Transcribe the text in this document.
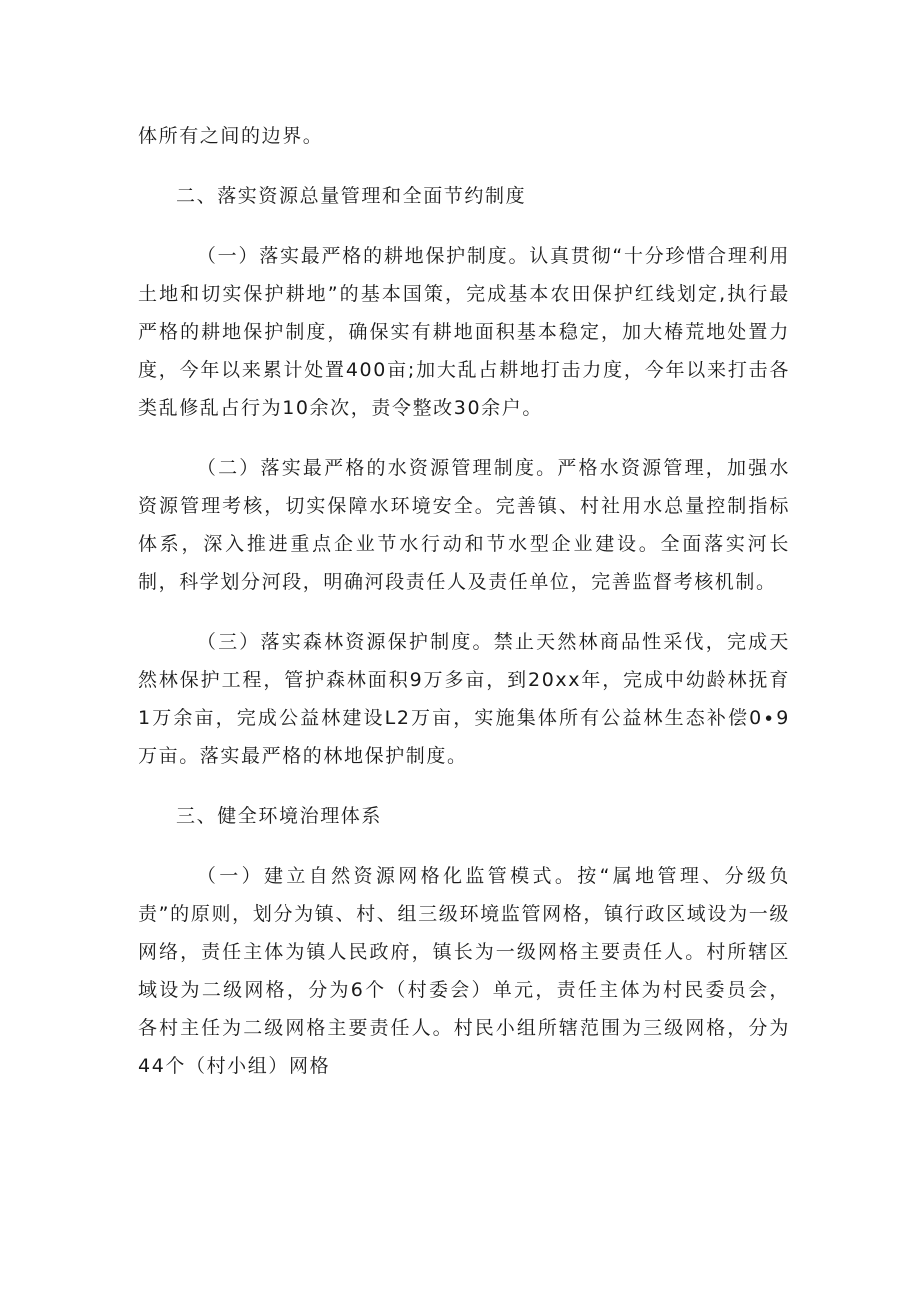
体所有之间的边界。

二、落实资源总量管理和全面节约制度

（一）落实最严格的耕地保护制度。认真贯彻“十分珍惜合理利用土地和切实保护耕地”的基本国策，完成基本农田保护红线划定,执行最严格的耕地保护制度，确保实有耕地面积基本稳定，加大椿荒地处置力度，今年以来累计处置400亩;加大乱占耕地打击力度，今年以来打击各类乱修乱占行为10余次，责令整改30余户。

（二）落实最严格的水资源管理制度。严格水资源管理，加强水资源管理考核，切实保障水环境安全。完善镇、村社用水总量控制指标体系，深入推进重点企业节水行动和节水型企业建设。全面落实河长制，科学划分河段，明确河段责任人及责任单位，完善监督考核机制。

（三）落实森林资源保护制度。禁止天然林商品性采伐，完成天然林保护工程，管护森林面积9万多亩，到20xx年，完成中幼龄林抚育1万余亩，完成公益林建设L2万亩，实施集体所有公益林生态补偿0∙9万亩。落实最严格的林地保护制度。

三、健全环境治理体系

（一）建立自然资源网格化监管模式。按“属地管理、分级负责”的原则，划分为镇、村、组三级环境监管网格，镇行政区域设为一级网络，责任主体为镇人民政府，镇长为一级网格主要责任人。村所辖区域设为二级网格，分为6个（村委会）单元，责任主体为村民委员会，各村主任为二级网格主要责任人。村民小组所辖范围为三级网格，分为44个（村小组）网格
